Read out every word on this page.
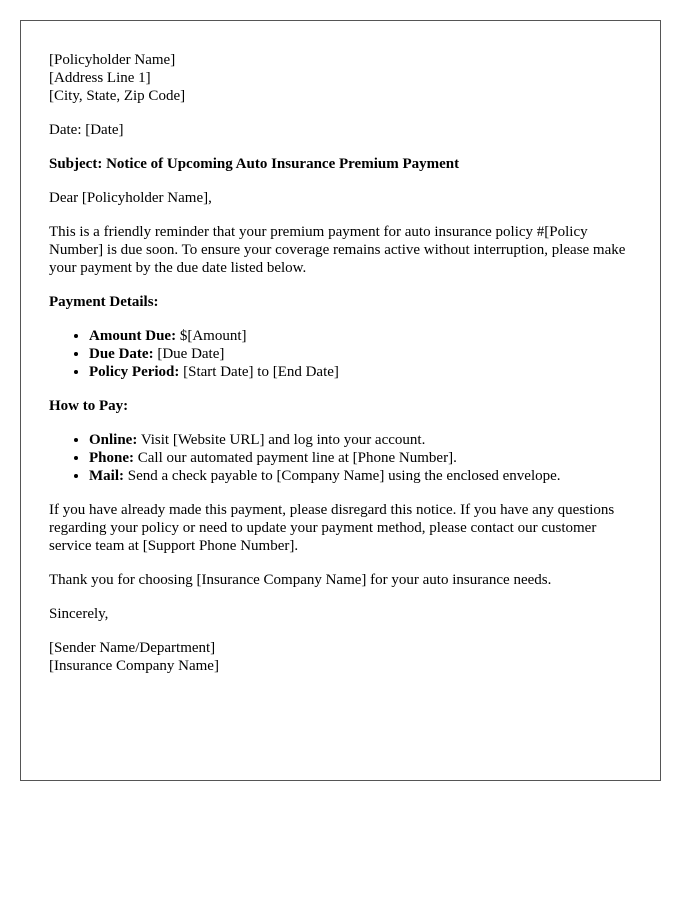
[Policyholder Name]
[Address Line 1]
[City, State, Zip Code]

Date: [Date]

Subject: Notice of Upcoming Auto Insurance Premium Payment

Dear [Policyholder Name],

This is a friendly reminder that your premium payment for auto insurance policy #[Policy Number] is due soon. To ensure your coverage remains active without interruption, please make your payment by the due date listed below.

Payment Details:

• Amount Due: $[Amount]
• Due Date: [Due Date]
• Policy Period: [Start Date] to [End Date]

How to Pay:

• Online: Visit [Website URL] and log into your account.
• Phone: Call our automated payment line at [Phone Number].
• Mail: Send a check payable to [Company Name] using the enclosed envelope.

If you have already made this payment, please disregard this notice. If you have any questions regarding your policy or need to update your payment method, please contact our customer service team at [Support Phone Number].

Thank you for choosing [Insurance Company Name] for your auto insurance needs.

Sincerely,

[Sender Name/Department]
[Insurance Company Name]
